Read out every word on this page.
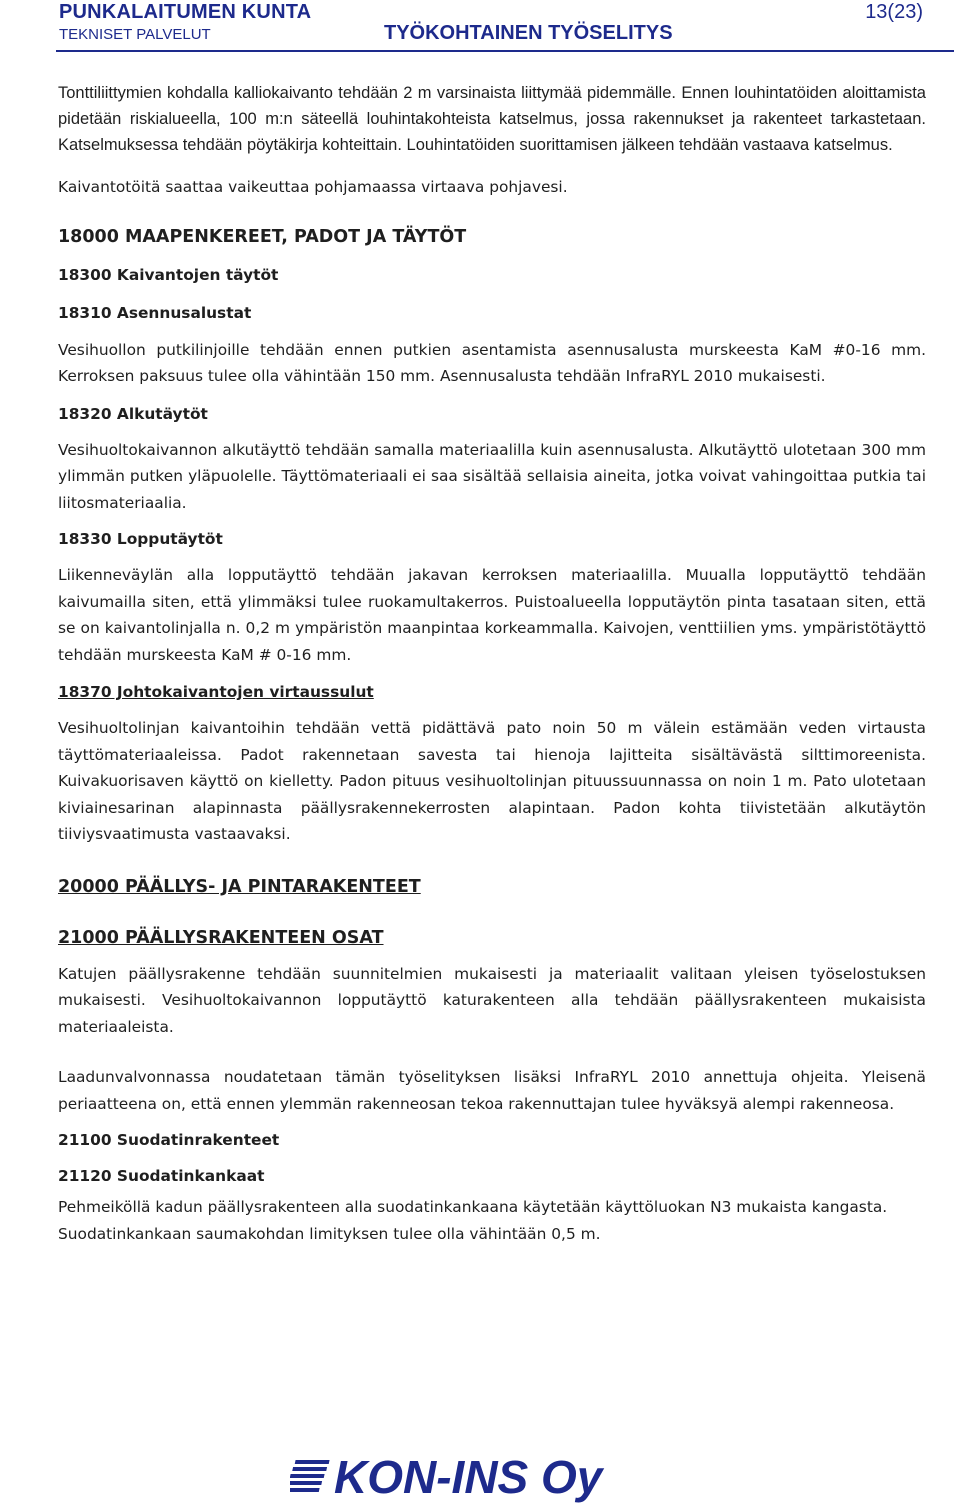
PUNKALAITUMEN KUNTA	13(23)
TEKNISET PALVELUT	TYÖKOHTAINEN TYÖSELITYS

Tonttiliittymien kohdalla kalliokaivanto tehdään 2 m varsinaista liittymää pidemmälle. Ennen louhintatöiden aloittamista pidetään riskialueella, 100 m:n säteellä louhintakohteista katselmus, jossa rakennukset ja rakenteet tarkastetaan. Katselmuksessa tehdään pöytäkirja kohteittain. Louhintatöiden suorittamisen jälkeen tehdään vastaava katselmus.

Kaivantotöitä saattaa vaikeuttaa pohjamaassa virtaava pohjavesi.

18000 MAAPENKEREET, PADOT JA TÄYTÖT
18300 Kaivantojen täytöt
18310 Asennusalustat

Vesihuollon putkilinjoille tehdään ennen putkien asentamista asennusalusta murskeesta KaM #0-16 mm. Kerroksen paksuus tulee olla vähintään 150 mm. Asennusalusta tehdään InfraRYL 2010 mukaisesti.

18320 Alkutäytöt

Vesihuoltokaivannon alkutäyttö tehdään samalla materiaalilla kuin asennusalusta. Alkutäyttö ulotetaan 300 mm ylimmän putken yläpuolelle. Täyttömateriaali ei saa sisältää sellaisia aineita, jotka voivat vahingoittaa putkia tai liitosmateriaalia.

18330 Lopputäytöt

Liikenneväylän alla lopputäyttö tehdään jakavan kerroksen materiaalilla. Muualla lopputäyttö tehdään kaivumailla siten, että ylimmäksi tulee ruokamultakerros. Puistoalueella lopputäytön pinta tasataan siten, että se on kaivantolinjalla n. 0,2 m ympäristön maanpintaa korkeammalla. Kaivojen, venttiilien yms. ympäristötäyttö tehdään murskeesta KaM # 0-16 mm.

18370 Johtokaivantojen virtaussulut

Vesihuoltolinjan kaivantoihin tehdään vettä pidättävä pato noin 50 m välein estämään veden virtausta täyttömateriaaleissa. Padot rakennetaan savesta tai hienoja lajitteita sisältävästä silttimoreenista. Kuivakuorisaven käyttö on kielletty. Padon pituus vesihuoltolinjan pituussuunnassa on noin 1 m. Pato ulotetaan kiviainesarinan alapinnasta päällysrakennekerrosten alapintaan. Padon kohta tiivistetään alkutäytön tiiviysvaatimusta vastaavaksi.

20000 PÄÄLLYS- JA PINTARAKENTEET
21000 PÄÄLLYSRAKENTEEN OSAT

Katujen päällysrakenne tehdään suunnitelmien mukaisesti ja materiaalit valitaan yleisen työselostuksen mukaisesti. Vesihuoltokaivannon lopputäyttö katurakenteen alla tehdään päällysrakenteen mukaisista materiaaleista.

Laadunvalvonnassa noudatetaan tämän työselityksen lisäksi InfraRYL 2010 annettuja ohjeita. Yleisenä periaatteena on, että ennen ylemmän rakenneosan tekoa rakennuttajan tulee hyväksyä alempi rakenneosa.

21100 Suodatinrakenteet
21120 Suodatinkankaat

Pehmeiköllä kadun päällysrakenteen alla suodatinkankaana käytetään käyttöluokan N3 mukaista kangasta.

Suodatinkankaan saumakohdan limityksen tulee olla vähintään 0,5 m.

KON-INS Oy
